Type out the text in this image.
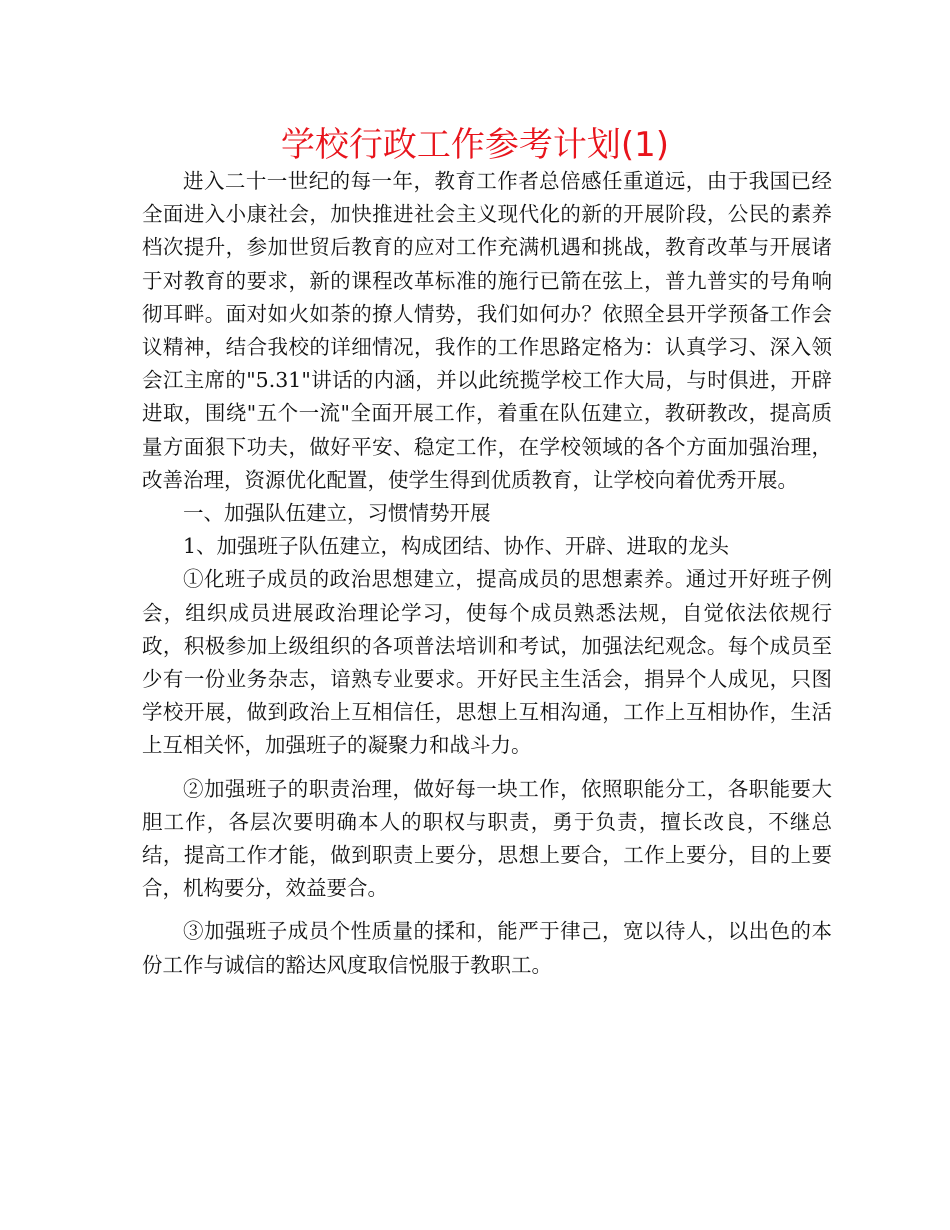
学校行政工作参考计划(1)

进入二十一世纪的每一年，教育工作者总倍感任重道远，由于我国已经全面进入小康社会，加快推进社会主义现代化的新的开展阶段，公民的素养档次提升，参加世贸后教育的应对工作充满机遇和挑战，教育改革与开展诸于对教育的要求，新的课程改革标准的施行已箭在弦上，普九普实的号角响彻耳畔。面对如火如荼的撩人情势，我们如何办？依照全县开学预备工作会议精神，结合我校的详细情况，我作的工作思路定格为：认真学习、深入领会江主席的"5.31"讲话的内涵，并以此统揽学校工作大局，与时俱进，开辟进取，围绕"五个一流"全面开展工作，着重在队伍建立，教研教改，提高质量方面狠下功夫，做好平安、稳定工作，在学校领域的各个方面加强治理，改善治理，资源优化配置，使学生得到优质教育，让学校向着优秀开展。

一、加强队伍建立，习惯情势开展

1、加强班子队伍建立，构成团结、协作、开辟、进取的龙头

①化班子成员的政治思想建立，提高成员的思想素养。通过开好班子例会，组织成员进展政治理论学习，使每个成员熟悉法规，自觉依法依规行政，积极参加上级组织的各项普法培训和考试，加强法纪观念。每个成员至少有一份业务杂志，谙熟专业要求。开好民主生活会，捐异个人成见，只图学校开展，做到政治上互相信任，思想上互相沟通，工作上互相协作，生活上互相关怀，加强班子的凝聚力和战斗力。

②加强班子的职责治理，做好每一块工作，依照职能分工，各职能要大胆工作，各层次要明确本人的职权与职责，勇于负责，擅长改良，不继总结，提高工作才能，做到职责上要分，思想上要合，工作上要分，目的上要合，机构要分，效益要合。

③加强班子成员个性质量的揉和，能严于律己，宽以待人，以出色的本份工作与诚信的豁达风度取信悦服于教职工。
